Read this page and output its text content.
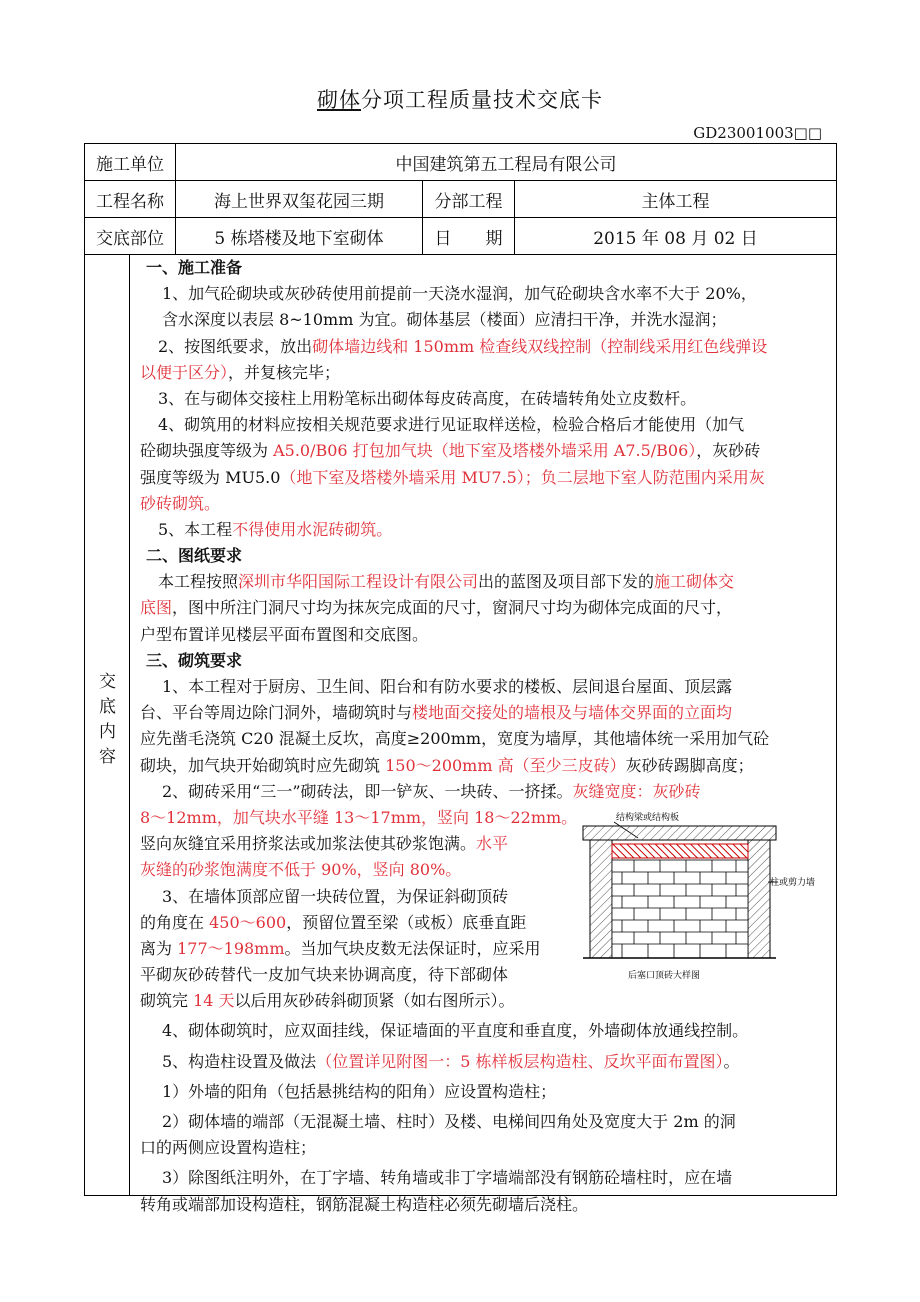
砌体分项工程质量技术交底卡
GD23001003□□
施工单位	中国建筑第五工程局有限公司		
工程名称	海上世界双玺花园三期	分部工程	主体工程
交底部位	5 栋塔楼及地下室砌体	日　　期	2015 年 08 月 02 日
交
底
内
容
一、施工准备
1、加气砼砌块或灰砂砖使用前提前一天浇水湿润，加气砼砌块含水率不大于 20%，
含水深度以表层 8~10mm 为宜。砌体基层（楼面）应清扫干净，并洗水湿润；
2、按图纸要求，放出砌体墙边线和 150mm 检查线双线控制（控制线采用红色线弹设
以便于区分），并复核完毕；
3、在与砌体交接柱上用粉笔标出砌体每皮砖高度，在砖墙转角处立皮数杆。
4、砌筑用的材料应按相关规范要求进行见证取样送检，检验合格后才能使用（加气
砼砌块强度等级为 A5.0/B06 打包加气块（地下室及塔楼外墙采用 A7.5/B06），灰砂砖
强度等级为 MU5.0（地下室及塔楼外墙采用 MU7.5）；负二层地下室人防范围内采用灰
砂砖砌筑。
5、本工程不得使用水泥砖砌筑。
二、图纸要求
本工程按照深圳市华阳国际工程设计有限公司出的蓝图及项目部下发的施工砌体交
底图，图中所注门洞尺寸均为抹灰完成面的尺寸，窗洞尺寸均为砌体完成面的尺寸，
户型布置详见楼层平面布置图和交底图。
三、砌筑要求
1、本工程对于厨房、卫生间、阳台和有防水要求的楼板、层间退台屋面、顶层露
台、平台等周边除门洞外，墙砌筑时与楼地面交接处的墙根及与墙体交界面的立面均
应先凿毛浇筑 C20 混凝土反坎，高度≥200mm，宽度为墙厚，其他墙体统一采用加气砼
砌块，加气块开始砌筑时应先砌筑 150～200mm 高（至少三皮砖）灰砂砖踢脚高度；
2、砌砖采用“三一”砌砖法，即一铲灰、一块砖、一挤揉。灰缝宽度：灰砂砖
8～12mm，加气块水平缝 13～17mm，竖向 18～22mm。
竖向灰缝宜采用挤浆法或加浆法使其砂浆饱满。水平
灰缝的砂浆饱满度不低于 90%，竖向 80%。
3、在墙体顶部应留一块砖位置，为保证斜砌顶砖
的角度在 450～600，预留位置至梁（或板）底垂直距
离为 177～198mm。当加气块皮数无法保证时，应采用
平砌灰砂砖替代一皮加气块来协调高度，待下部砌体
砌筑完 14 天以后用灰砂砖斜砌顶紧（如右图所示）。
4、砌体砌筑时，应双面挂线，保证墙面的平直度和垂直度，外墙砌体放通线控制。
5、构造柱设置及做法（位置详见附图一：5 栋样板层构造柱、反坎平面布置图）。
1）外墙的阳角（包括悬挑结构的阳角）应设置构造柱；
2）砌体墙的端部（无混凝土墙、柱时）及楼、电梯间四角处及宽度大于 2m 的洞
口的两侧应设置构造柱；
3）除图纸注明外，在丁字墙、转角墙或非丁字墙端部没有钢筋砼墙柱时，应在墙
转角或端部加设构造柱，钢筋混凝土构造柱必须先砌墙后浇柱。
结构梁或结构板
柱或剪力墙
后塞口顶砖大样图
